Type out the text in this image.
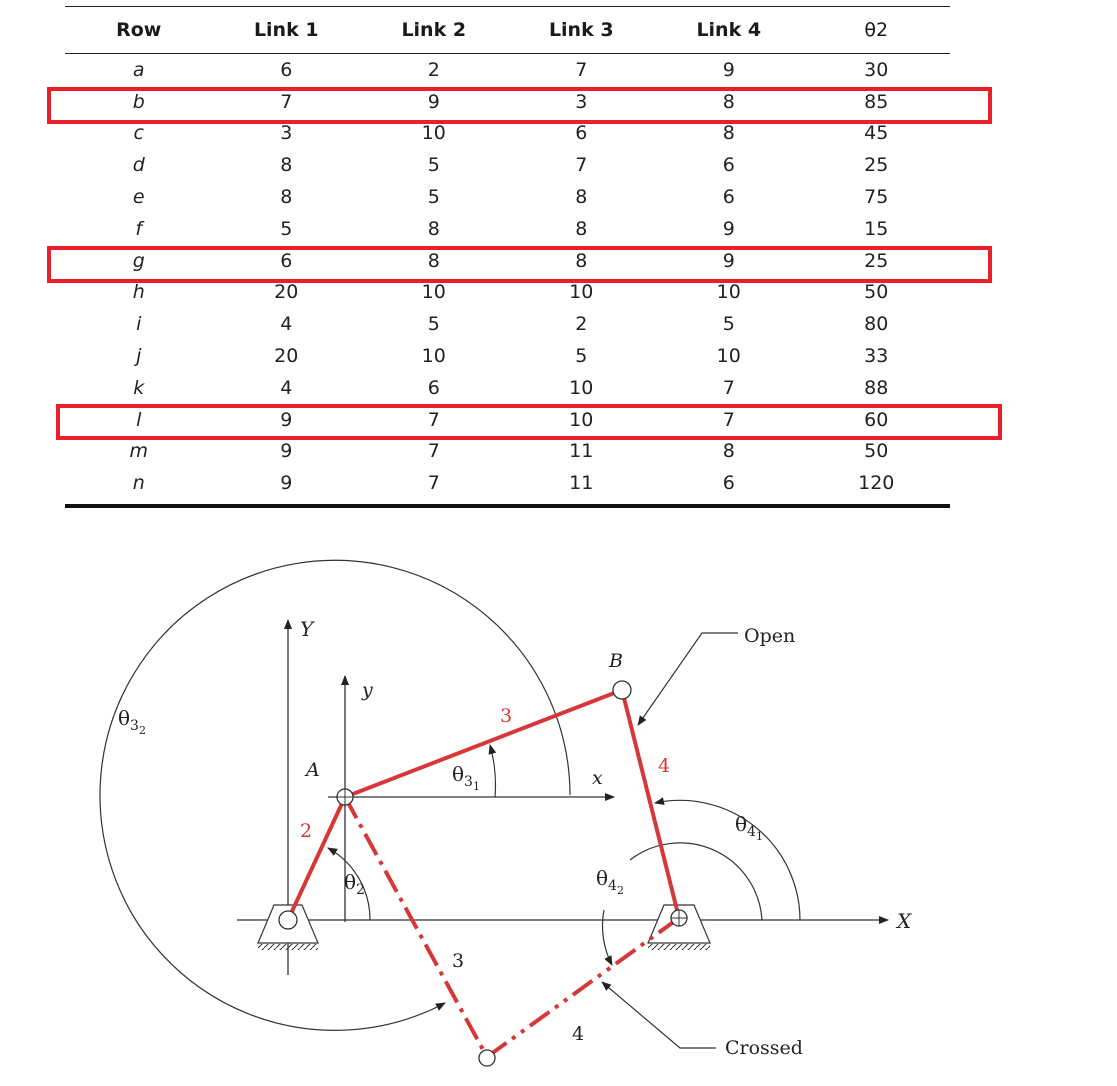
Row	Link 1	Link 2	Link 3	Link 4	θ2
a	6	2	7	9	30
b	7	9	3	8	85
c	3	10	6	8	45
d	8	5	7	6	25
e	8	5	8	6	75
f	5	8	8	9	15
g	6	8	8	9	25
h	20	10	10	10	50
i	4	5	2	5	80
j	20	10	5	10	33
k	4	6	10	7	88
l	9	7	10	7	60
m	9	7	11	8	50
n	9	7	11	6	120
Y
X
y
x
A
B
2
3
4
3
4
$\theta_{32}$
$\theta_{31}$
$\theta_2$
$\theta_{41}$
$\theta_{42}$
Open
Crossed
